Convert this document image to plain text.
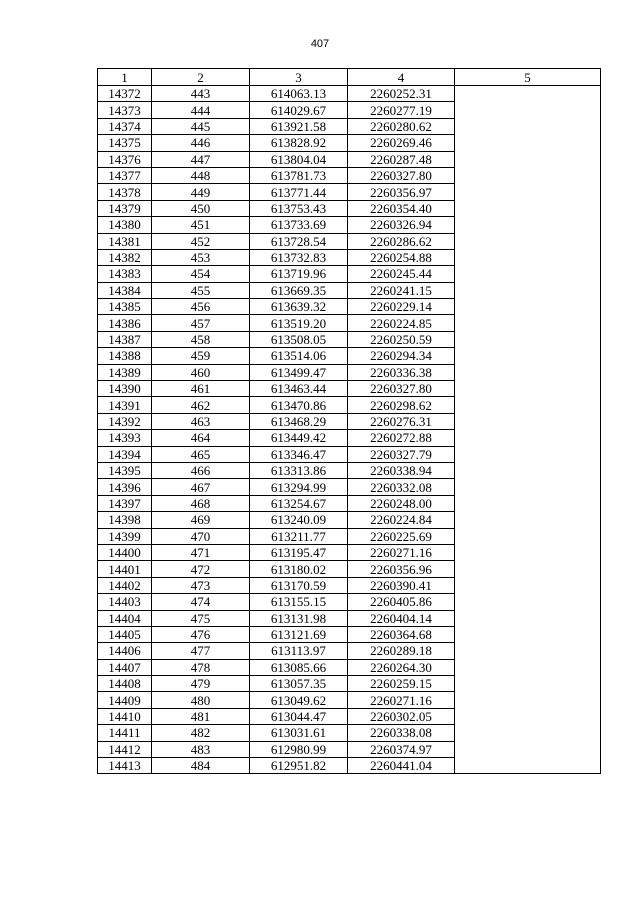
407
1	2	3	4	5
14372	443	614063.13	2260252.31	
14373	444	614029.67	2260277.19	
14374	445	613921.58	2260280.62	
14375	446	613828.92	2260269.46	
14376	447	613804.04	2260287.48	
14377	448	613781.73	2260327.80	
14378	449	613771.44	2260356.97	
14379	450	613753.43	2260354.40	
14380	451	613733.69	2260326.94	
14381	452	613728.54	2260286.62	
14382	453	613732.83	2260254.88	
14383	454	613719.96	2260245.44	
14384	455	613669.35	2260241.15	
14385	456	613639.32	2260229.14	
14386	457	613519.20	2260224.85	
14387	458	613508.05	2260250.59	
14388	459	613514.06	2260294.34	
14389	460	613499.47	2260336.38	
14390	461	613463.44	2260327.80	
14391	462	613470.86	2260298.62	
14392	463	613468.29	2260276.31	
14393	464	613449.42	2260272.88	
14394	465	613346.47	2260327.79	
14395	466	613313.86	2260338.94	
14396	467	613294.99	2260332.08	
14397	468	613254.67	2260248.00	
14398	469	613240.09	2260224.84	
14399	470	613211.77	2260225.69	
14400	471	613195.47	2260271.16	
14401	472	613180.02	2260356.96	
14402	473	613170.59	2260390.41	
14403	474	613155.15	2260405.86	
14404	475	613131.98	2260404.14	
14405	476	613121.69	2260364.68	
14406	477	613113.97	2260289.18	
14407	478	613085.66	2260264.30	
14408	479	613057.35	2260259.15	
14409	480	613049.62	2260271.16	
14410	481	613044.47	2260302.05	
14411	482	613031.61	2260338.08	
14412	483	612980.99	2260374.97	
14413	484	612951.82	2260441.04	
